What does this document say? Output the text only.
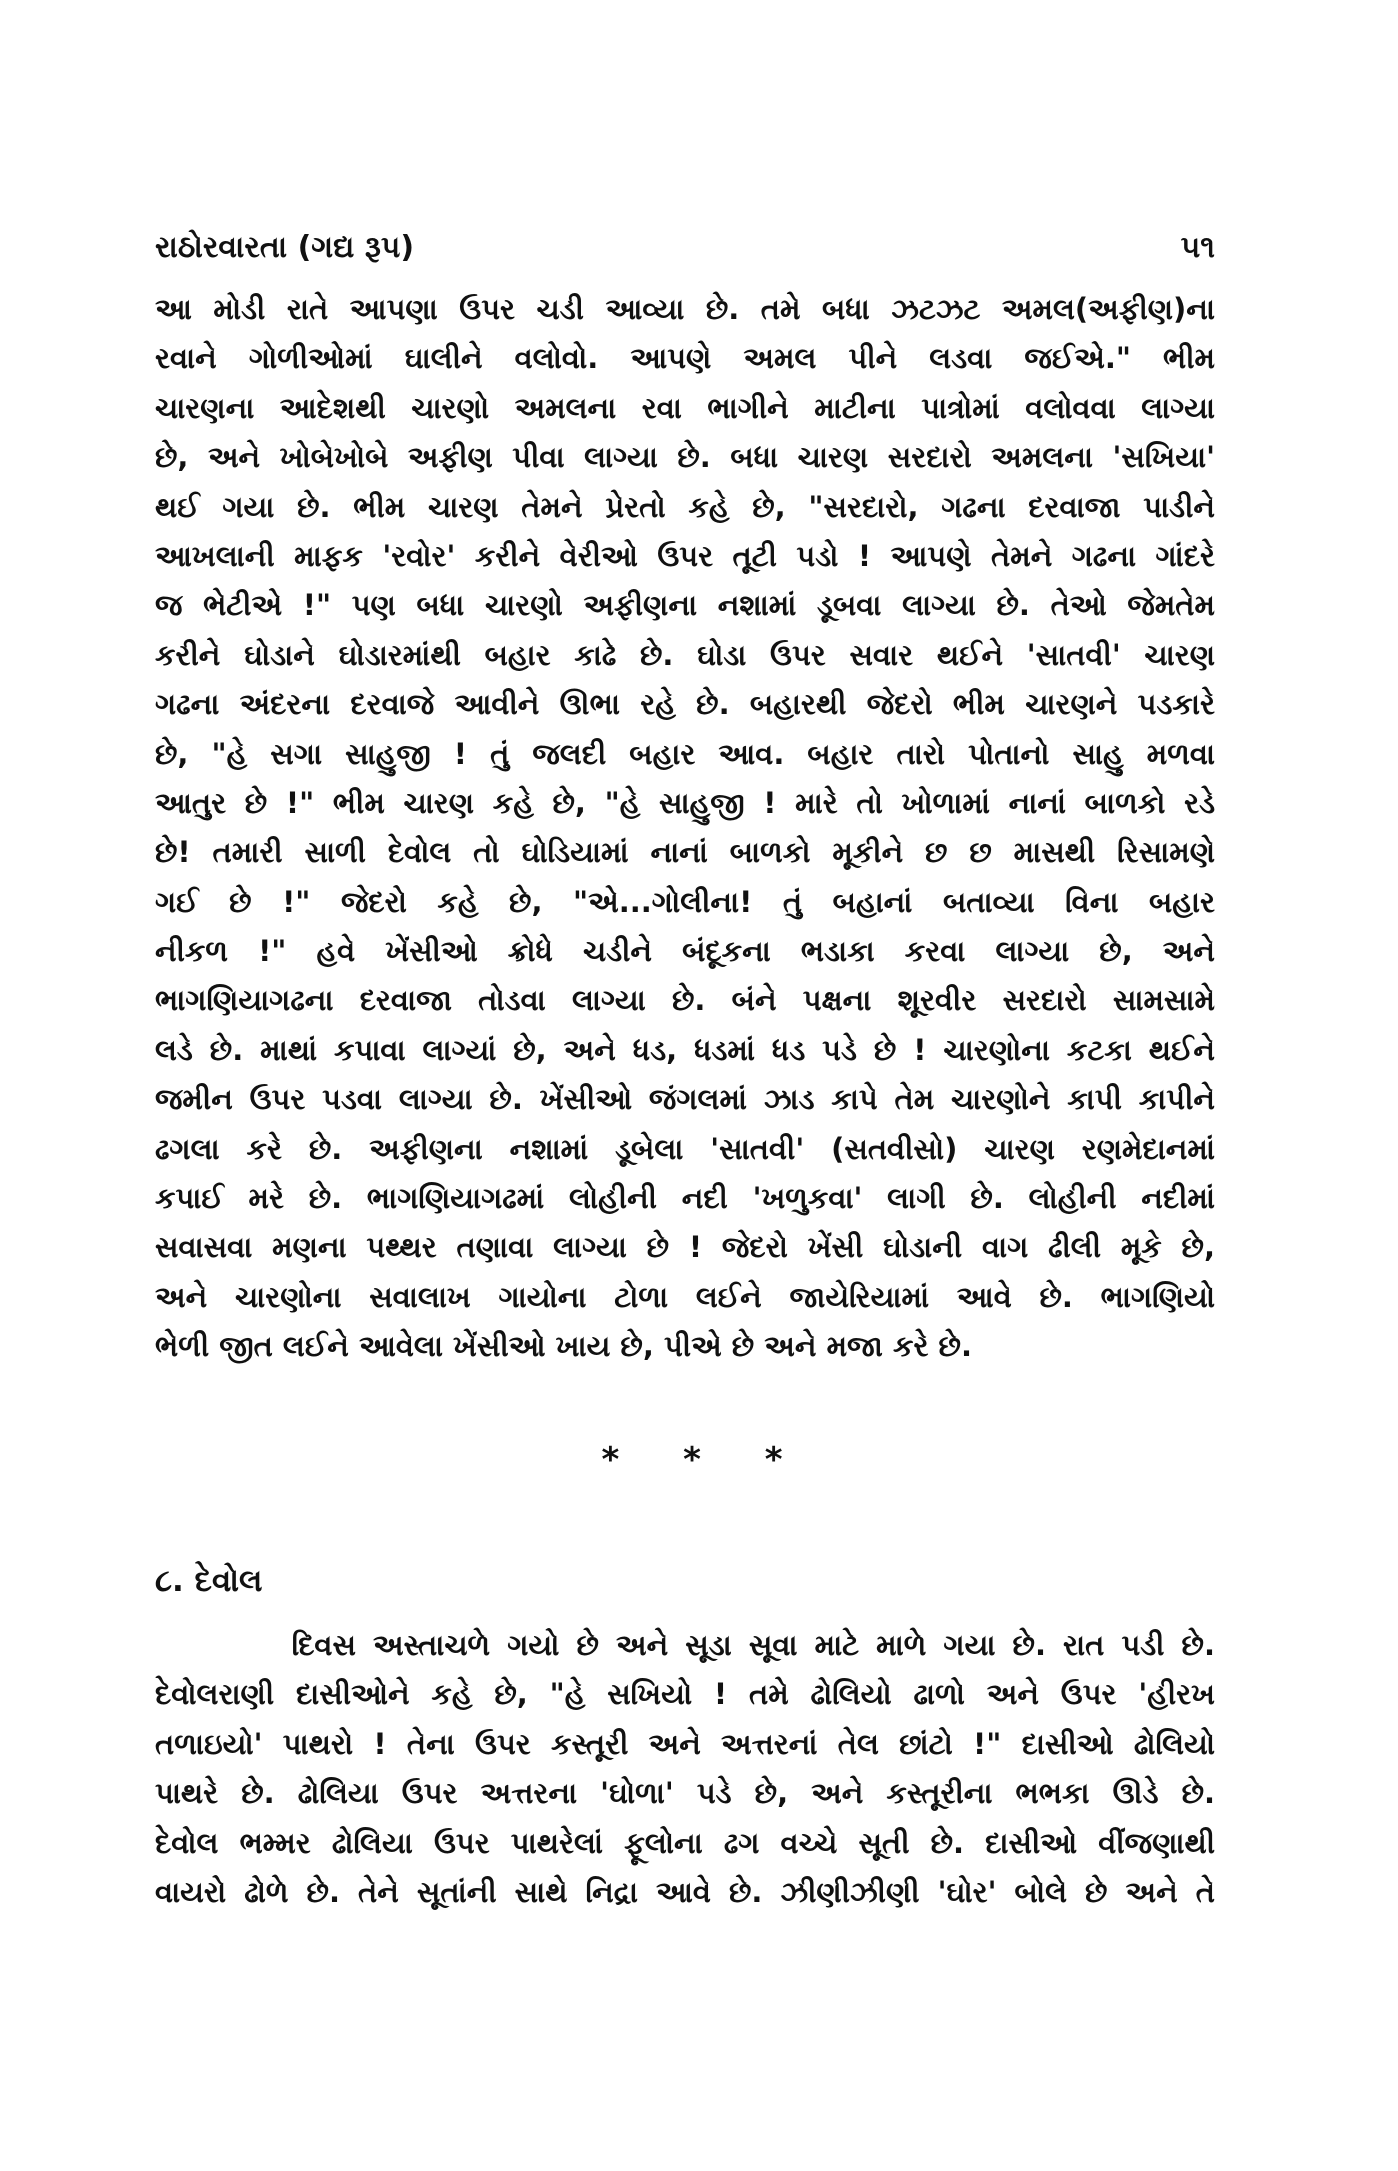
રાઠોરવારતા (ગદ્ય રૂપ)	૫૧
આ મોડી રાતે આપણા ઉપર ચડી આવ્યા છે. તમે બધા ઝટઝટ અમલ(અફીણ)ના
રવાને ગોળીઓમાં ઘાલીને વલોવો. આપણે અમલ પીને લડવા જઈએ." ભીમ
ચારણના આદેશથી ચારણો અમલના રવા ભાગીને માટીના પાત્રોમાં વલોવવા લાગ્યા
છે, અને ખોબેખોબે અફીણ પીવા લાગ્યા છે. બધા ચારણ સરદારો અમલના 'સખિયા'
થઈ ગયા છે. ભીમ ચારણ તેમને પ્રેરતો કહે છે, "સરદારો, ગઢના દરવાજા પાડીને
આખલાની માફક 'રવોર' કરીને વેરીઓ ઉપર તૂટી પડો ! આપણે તેમને ગઢના ગાંદરે
જ ભેટીએ !" પણ બધા ચારણો અફીણના નશામાં ડૂબવા લાગ્યા છે. તેઓ જેમતેમ
કરીને ઘોડાને ઘોડારમાંથી બહાર કાઢે છે. ઘોડા ઉપર સવાર થઈને 'સાતવી' ચારણ
ગઢના અંદરના દરવાજે આવીને ઊભા રહે છે. બહારથી જેદરો ભીમ ચારણને પડકારે
છે, "હે સગા સાહુજી ! તું જલદી બહાર આવ. બહાર તારો પોતાનો સાહુ મળવા
આતુર છે !" ભીમ ચારણ કહે છે, "હે સાહુજી ! મારે તો ખોળામાં નાનાં બાળકો રડે
છે! તમારી સાળી દેવોલ તો ઘોડિયામાં નાનાં બાળકો મૂકીને છ છ માસથી રિસામણે
ગઈ છે !" જેદરો કહે છે, "એ...ગોલીના! તું બહાનાં બતાવ્યા વિના બહાર
નીકળ !" હવે ખેંસીઓ ક્રોધે ચડીને બંદૂકના ભડાકા કરવા લાગ્યા છે, અને
ભાગણિયાગઢના દરવાજા તોડવા લાગ્યા છે. બંને પક્ષના શૂરવીર સરદારો સામસામે
લડે છે. માથાં કપાવા લાગ્યાં છે, અને ધડ, ધડમાં ધડ પડે છે ! ચારણોના કટકા થઈને
જમીન ઉપર પડવા લાગ્યા છે. ખેંસીઓ જંગલમાં ઝાડ કાપે તેમ ચારણોને કાપી કાપીને
ઢગલા કરે છે. અફીણના નશામાં ડૂબેલા 'સાતવી' (સતવીસો) ચારણ રણમેદાનમાં
કપાઈ મરે છે. ભાગણિયાગઢમાં લોહીની નદી 'ખળુકવા' લાગી છે. લોહીની નદીમાં
સવાસવા મણના પથ્થર તણાવા લાગ્યા છે ! જેદરો ખેંસી ઘોડાની વાગ ઢીલી મૂકે છે,
અને ચારણોના સવાલાખ ગાયોના ટોળા લઈને જાયેરિયામાં આવે છે. ભાગણિયો
ભેળી જીત લઈને આવેલા ખેંસીઓ ખાય છે, પીએ છે અને મજા કરે છે.
* * *
૮. દેવોલ
દિવસ અસ્તાચળે ગયો છે અને સૂડા સૂવા માટે માળે ગયા છે. રાત પડી છે.
દેવોલરાણી દાસીઓને કહે છે, "હે સખિયો ! તમે ઢોલિયો ઢાળો અને ઉપર 'હીરખ
તળાઇયો' પાથરો ! તેના ઉપર કસ્તૂરી અને અત્તરનાં તેલ છાંટો !" દાસીઓ ઢોલિયો
પાથરે છે. ઢોલિયા ઉપર અત્તરના 'ઘોળા' પડે છે, અને કસ્તૂરીના ભભકા ઊડે છે.
દેવોલ ભમ્મર ઢોલિયા ઉપર પાથરેલાં ફૂલોના ઢગ વચ્ચે સૂતી છે. દાસીઓ વીંજણાથી
વાયરો ઢોળે છે. તેને સૂતાંની સાથે નિદ્રા આવે છે. ઝીણીઝીણી 'ઘોર' બોલે છે અને તે
